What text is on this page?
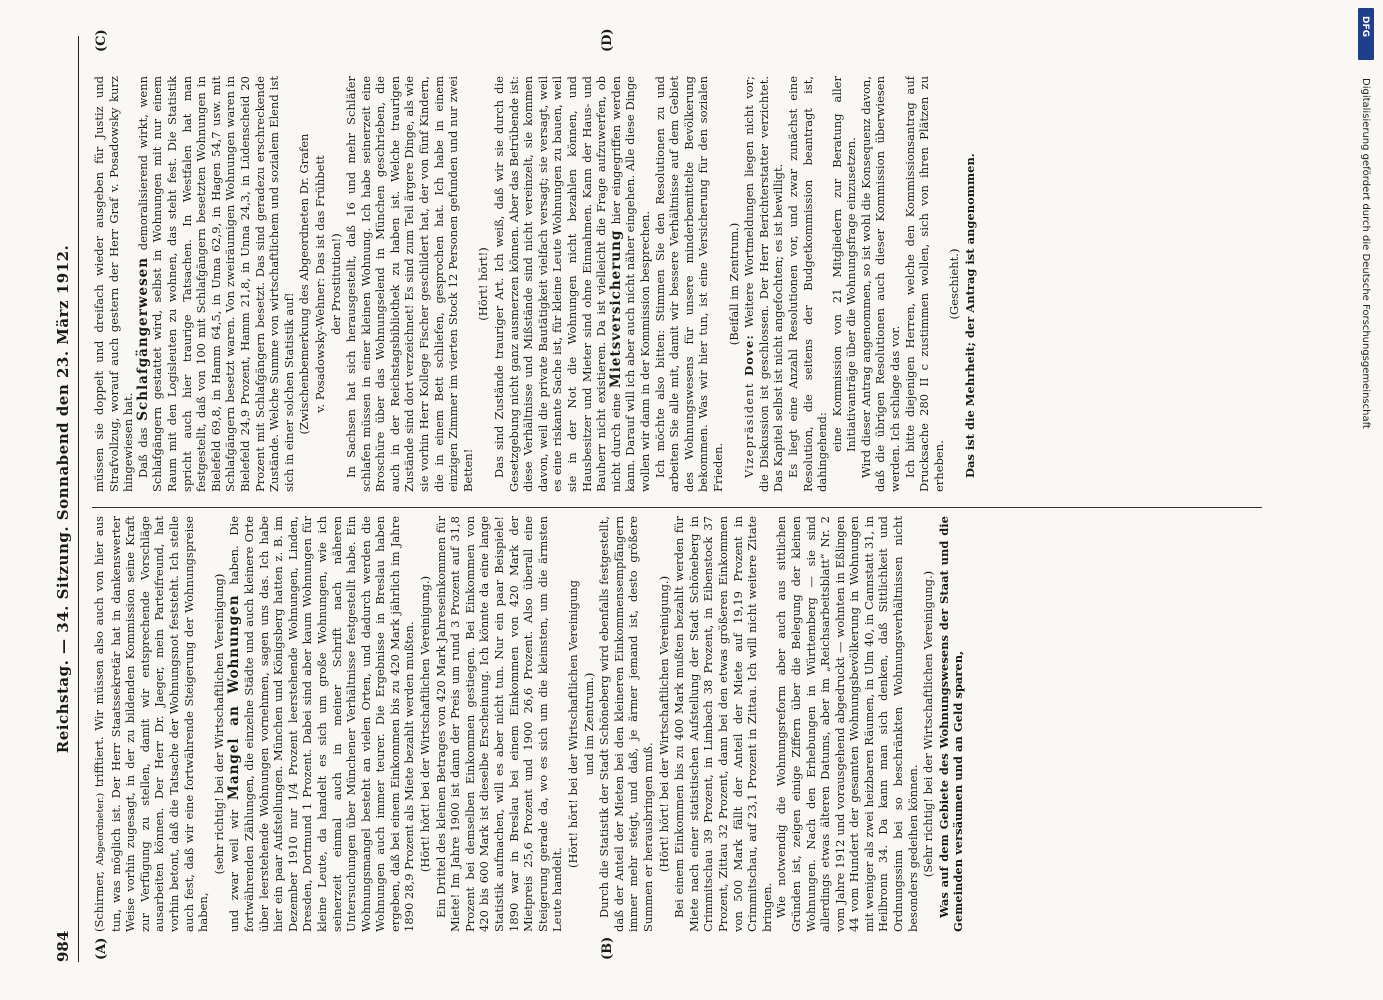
984
Reichstag. — 34. Sitzung. Sonnabend den 23. März 1912.
(A)	(B)
(C)	(D)

(Schirmer, Abgeordneter.) trifftiert. Wir müssen also auch von hier aus tun, was möglich ist. Der Herr Staatssekretär hat in dankenswerter Weise vorhin zugesagt, in der zu bildenden Kommission seine Kraft zur Verfügung zu stellen, damit wir entsprechende Vorschläge ausarbeiten können. Der Herr Dr. Jaeger, mein Parteifreund, hat vorhin betont, daß die Tatsache der Wohnungsnot feststeht. Ich stelle auch fest, daß wir eine fortwährende Steigerung der Wohnungspreise haben,

(sehr richtig! bei der Wirtschaftlichen Vereinigung) und zwar weil wir Mangel an Wohnungen haben. Die fortwährenden Zählungen, die einzelne Städte und auch kleinere Orte über leerstehende Wohnungen vornehmen, sagen uns das. Ich habe hier ein paar Aufstellungen. München und Königsberg hatten z. B. im Dezember 1910 nur 1/4 Prozent leerstehende Wohnungen, Linden, Dresden, Dortmund 1 Prozent. Dabei sind aber kaum Wohnungen für kleine Leute, da handelt es sich um große Wohnungen, wie ich seinerzeit einmal auch in meiner Schrift nach näheren Untersuchungen über Münchener Verhältnisse festgestellt habe. Ein Wohnungsmangel besteht an vielen Orten, und dadurch werden die Wohnungen auch immer teurer. Die Ergebnisse in Breslau haben ergeben, daß bei einem Einkommen bis zu 420 Mark jährlich im Jahre 1890 28,9 Prozent als Miete bezahlt werden mußten. (Hört! hört! bei der Wirtschaftlichen Vereinigung.) Ein Drittel des kleinen Betrages von 420 Mark Jahreseinkommen für Miete! Im Jahre 1900 ist dann der Preis um rund 3 Prozent auf 31,8 Prozent bei demselben Einkommen gestiegen. Bei Einkommen von 420 bis 600 Mark ist dieselbe Erscheinung. Ich könnte da eine lange Statistik aufmachen, will es aber nicht tun. Nur ein paar Beispiele! 1890 war in Breslau bei einem Einkommen von 420 Mark der Mietpreis 25,6 Prozent und 1900 26,6 Prozent. Also überall eine Steigerung gerade da, wo es sich um die kleinsten, um die ärmsten Leute handelt.

(Hört! hört! bei der Wirtschaftlichen Vereinigung und im Zentrum.) Durch die Statistik der Stadt Schöneberg wird ebenfalls festgestellt, daß der Anteil der Mieten bei den kleineren Einkommensempfängern immer mehr steigt, und daß, je ärmer jemand ist, desto größere Summen er herausbringen muß. (Hört! hört! bei der Wirtschaftlichen Vereinigung.) Bei einem Einkommen bis zu 400 Mark mußten bezahlt werden für Miete nach einer statistischen Aufstellung der Stadt Schöneberg in Crimmitschau 39 Prozent, in Limbach 38 Prozent, in Eibenstock 37 Prozent, Zittau 32 Prozent, dann bei den etwas größeren Einkommen von 500 Mark fällt der Anteil der Miete auf 19,19 Prozent in Crimmitschau, auf 23,1 Prozent in Zittau. Ich will nicht weitere Zitate bringen. Wie notwendig die Wohnungsreform aber auch aus sittlichen Gründen ist, zeigen einige Ziffern über die Belegung der kleinen Wohnungen. Nach den Erhebungen in Württemberg — sie sind allerdings etwas älteren Datums, aber im „Reichsarbeitsblatt“ Nr. 2 vom Jahre 1912 und vorausgehend abgedruckt — wohnten in Eßlingen 44 vom Hundert der gesamten Wohnungsbevölkerung in Wohnungen mit weniger als zwei heizbaren Räumen, in Ulm 40, in Cannstatt 31, in Heilbronn 34. Da kann man sich denken, daß Sittlichkeit und Ordnungssinn bei so beschränkten Wohnungsverhältnissen nicht besonders gedeihen können. (Sehr richtig! bei der Wirtschaftlichen Vereinigung.) Was auf dem Gebiete des Wohnungswesens der Staat und die Gemeinden versäumen und an Geld sparen,

müssen sie doppelt und dreifach wieder ausgeben für Justiz und Strafvollzug, worauf auch gestern der Herr Graf v. Posadowsky kurz hingewiesen hat. Daß das Schlafgängerwesen demoralisierend wirkt, wenn Schlafgängern gestattet wird, selbst in Wohnungen mit nur einem Raum mit den Logisleuten zu wohnen, das steht fest. Die Statistik spricht auch hier traurige Tatsachen. In Westfalen hat man festgestellt, daß von 100 mit Schlafgängern besetzten Wohnungen in Bielefeld 69,8, in Hamm 64,5, in Unna 62,9, in Hagen 54,7 usw. mit Schlafgängern besetzt waren. Von zweiräumigen Wohnungen waren in Bielefeld 24,9 Prozent, Hamm 21,8, in Unna 24,3, in Lüdenscheid 20 Prozent mit Schlafgängern besetzt. Das sind geradezu erschreckende Zustände. Welche Summe von wirtschaftlichem und sozialem Elend ist sich in einer solchen Statistik auf! (Zwischenbemerkung des Abgeordneten Dr. Grafen v. Posadowsky-Wehner: Das ist das Frühbett der Prostitution!) In Sachsen hat sich herausgestellt, daß 16 und mehr Schläfer schlafen müssen in einer kleinen Wohnung. Ich habe seinerzeit eine Broschüre über das Wohnungselend in München geschrieben, die auch in der Reichstagsbibliothek zu haben ist. Welche traurigen Zustände sind dort verzeichnet! Es sind zum Teil ärgere Dinge, als wie sie vorhin Herr Kollege Fischer geschildert hat, der von fünf Kindern, die in einem Bett schliefen, gesprochen hat. Ich habe in einem einzigen Zimmer im vierten Stock 12 Personen gefunden und nur zwei Betten!

(Hört! hört!) Das sind Zustände trauriger Art. Ich weiß, daß wir sie durch die Gesetzgebung nicht ganz ausmerzen können. Aber das Betrübende ist: diese Verhältnisse und Mißstände sind nicht vereinzelt, sie kommen davon, weil die private Bautätigkeit vielfach versagt; sie versagt, weil es eine riskante Sache ist, für kleine Leute Wohnungen zu bauen, weil sie in der Not die Wohnungen nicht bezahlen können, und Hausbesitzer und Mieter sind ohne Einnahmen. Kann der Haus- und Bauherr nicht existieren. Da ist vielleicht die Frage aufzuwerfen, ob nicht durch eine Mietsversicherung hier eingegriffen werden kann. Darauf will ich aber auch nicht näher eingehen. Alle diese Dinge wollen wir dann in der Kommission besprechen. Ich möchte also bitten: Stimmen Sie den Resolutionen zu und arbeiten Sie alle mit, damit wir bessere Verhältnisse auf dem Gebiet des Wohnungswesens für unsere minderbemittelte Bevölkerung bekommen. Was wir hier tun, ist eine Versicherung für den sozialen Frieden.

(Beifall im Zentrum.)

Vizepräsident Dove: Weitere Wortmeldungen liegen nicht vor; die Diskussion ist geschlossen. Der Herr Berichterstatter verzichtet. Das Kapitel selbst ist nicht angefochten; es ist bewilligt. Es liegt eine Anzahl Resolutionen vor, und zwar zunächst eine Resolution, die seitens der Budgetkommission beantragt ist, dahingehend:

eine Kommission von 21 Mitgliedern zur Beratung aller Initiativanträge über die Wohnungsfrage einzusetzen. Wird dieser Antrag angenommen, so ist wohl die Konsequenz davon, daß die übrigen Resolutionen auch dieser Kommission überwiesen werden. Ich schlage das vor. Ich bitte diejenigen Herren, welche den Kommissionsantrag auf Drucksache 280 II c zustimmen wollen, sich von ihren Plätzen zu erheben.

(Geschieht.) Das ist die Mehrheit; der Antrag ist angenommen.

DFG
Digitalisierung gefördert durch die Deutsche Forschungsgemeinschaft
